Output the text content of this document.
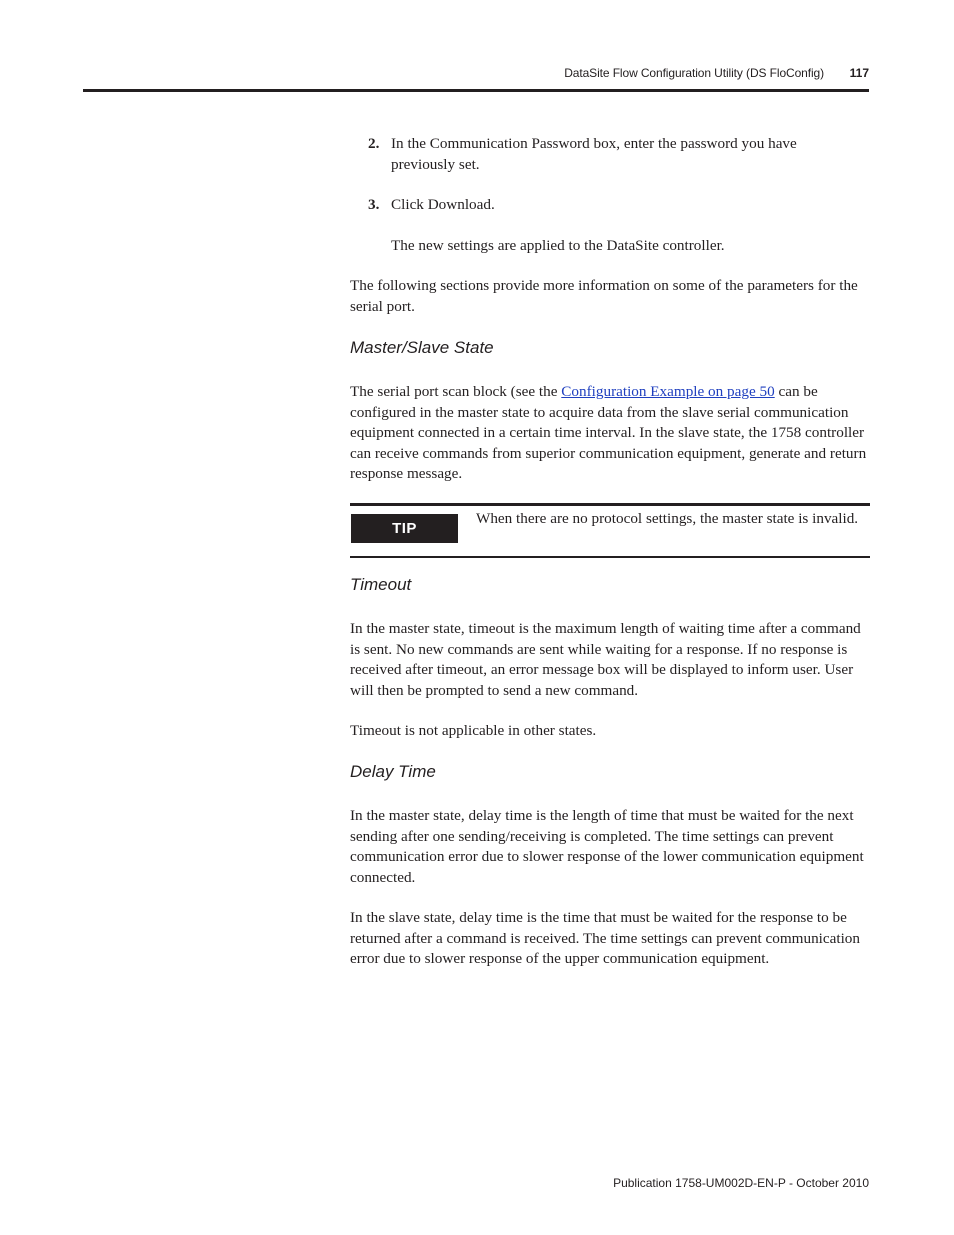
DataSite Flow Configuration Utility (DS FloConfig) 117
2. In the Communication Password box, enter the password you have previously set.
3. Click Download.

The new settings are applied to the DataSite controller.

The following sections provide more information on some of the parameters for the serial port.

Master/Slave State

The serial port scan block (see the Configuration Example on page 50 can be configured in the master state to acquire data from the slave serial communication equipment connected in a certain time interval. In the slave state, the 1758 controller can receive commands from superior communication equipment, generate and return response message.

TIP
When there are no protocol settings, the master state is invalid.
Timeout

In the master state, timeout is the maximum length of waiting time after a command is sent. No new commands are sent while waiting for a response. If no response is received after timeout, an error message box will be displayed to inform user. User will then be prompted to send a new command.

Timeout is not applicable in other states.

Delay Time

In the master state, delay time is the length of time that must be waited for the next sending after one sending/receiving is completed. The time settings can prevent communication error due to slower response of the lower communication equipment connected.

In the slave state, delay time is the time that must be waited for the response to be returned after a command is received. The time settings can prevent communication error due to slower response of the upper communication equipment.

Publication 1758-UM002D-EN-P - October 2010
